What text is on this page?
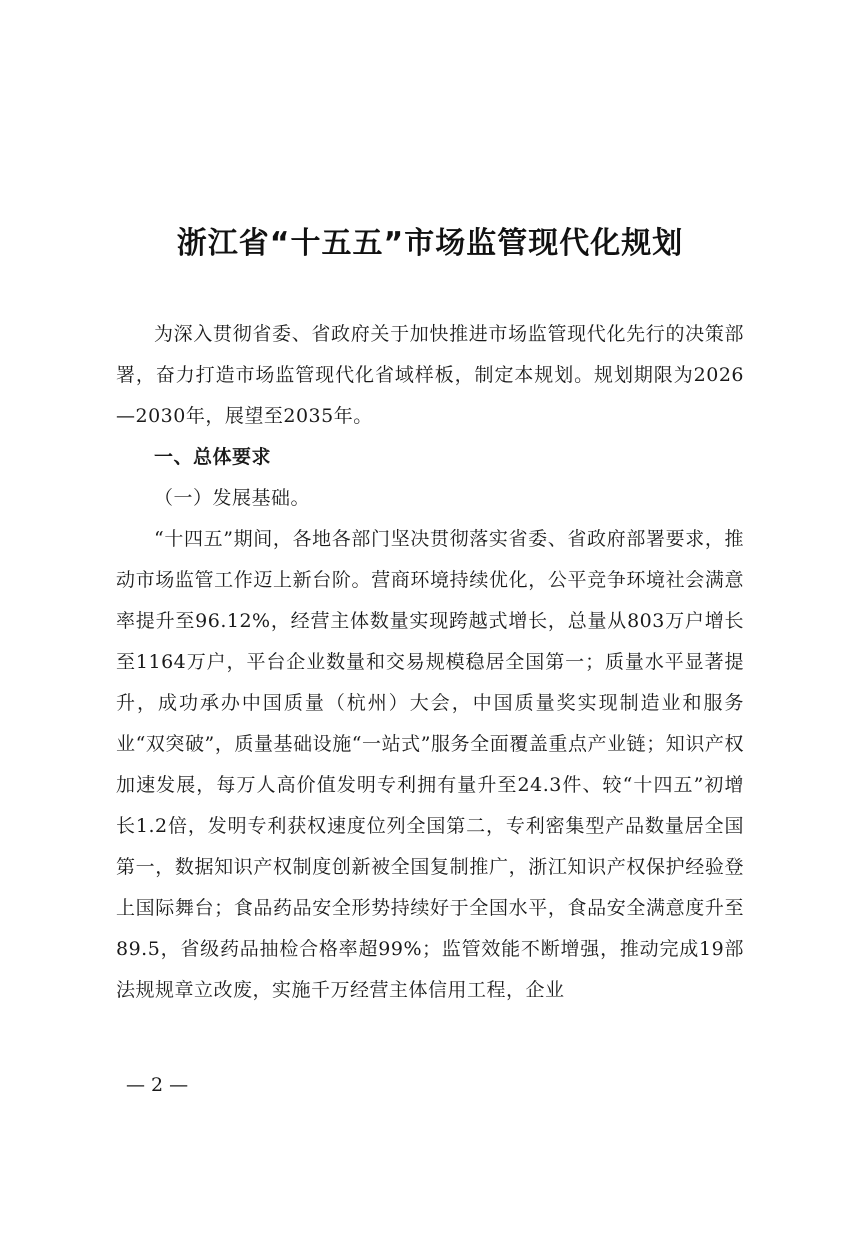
浙江省“十五五”市场监管现代化规划

为深入贯彻省委、省政府关于加快推进市场监管现代化先行的决策部署，奋力打造市场监管现代化省域样板，制定本规划。规划期限为2026—2030年，展望至2035年。

一、总体要求

（一）发展基础。

“十四五”期间，各地各部门坚决贯彻落实省委、省政府部署要求，推动市场监管工作迈上新台阶。营商环境持续优化，公平竞争环境社会满意率提升至96.12%，经营主体数量实现跨越式增长，总量从803万户增长至1164万户，平台企业数量和交易规模稳居全国第一；质量水平显著提升，成功承办中国质量（杭州）大会，中国质量奖实现制造业和服务业“双突破”，质量基础设施“一站式”服务全面覆盖重点产业链；知识产权加速发展，每万人高价值发明专利拥有量升至24.3件、较“十四五”初增长1.2倍，发明专利获权速度位列全国第二，专利密集型产品数量居全国第一，数据知识产权制度创新被全国复制推广，浙江知识产权保护经验登上国际舞台；食品药品安全形势持续好于全国水平，食品安全满意度升至89.5，省级药品抽检合格率超99%；监管效能不断增强，推动完成19部法规规章立改废，实施千万经营主体信用工程，企业

— 2 —
